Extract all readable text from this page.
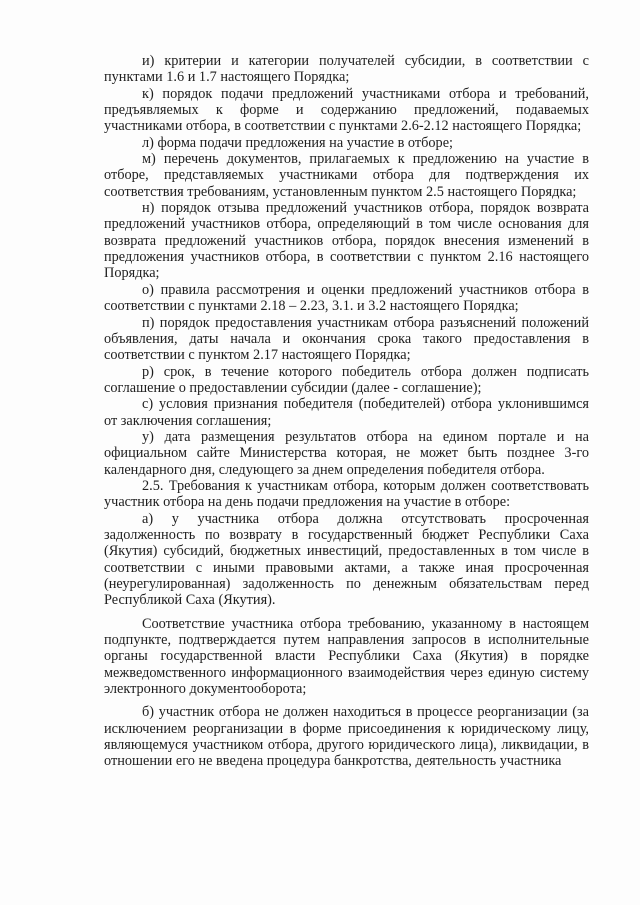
и) критерии и категории получателей субсидии, в соответствии с пунктами 1.6 и 1.7 настоящего Порядка;

к) порядок подачи предложений участниками отбора и требований, предъявляемых к форме и содержанию предложений, подаваемых участниками отбора, в соответствии с пунктами 2.6-2.12 настоящего Порядка;

л) форма подачи предложения на участие в отборе;

м) перечень документов, прилагаемых к предложению на участие в отборе, представляемых участниками отбора для подтверждения их соответствия требованиям, установленным пунктом 2.5 настоящего Порядка;

н) порядок отзыва предложений участников отбора, порядок возврата предложений участников отбора, определяющий в том числе основания для возврата предложений участников отбора, порядок внесения изменений в предложения участников отбора, в соответствии с пунктом 2.16 настоящего Порядка;

о) правила рассмотрения и оценки предложений участников отбора в соответствии с пунктами 2.18 – 2.23, 3.1. и 3.2 настоящего Порядка;

п) порядок предоставления участникам отбора разъяснений положений объявления, даты начала и окончания срока такого предоставления в соответствии с пунктом 2.17 настоящего Порядка;

р) срок, в течение которого победитель отбора должен подписать соглашение о предоставлении субсидии (далее - соглашение);

с) условия признания победителя (победителей) отбора уклонившимся от заключения соглашения;

у) дата размещения результатов отбора на едином портале и на официальном сайте Министерства которая, не может быть позднее 3-го календарного дня, следующего за днем определения победителя отбора.

2.5. Требования к участникам отбора, которым должен соответствовать участник отбора на день подачи предложения на участие в отборе:

а) у участника отбора должна отсутствовать просроченная задолженность по возврату в государственный бюджет Республики Саха (Якутия) субсидий, бюджетных инвестиций, предоставленных в том числе в соответствии с иными правовыми актами, а также иная просроченная (неурегулированная) задолженность по денежным обязательствам перед Республикой Саха (Якутия).

Соответствие участника отбора требованию, указанному в настоящем подпункте, подтверждается путем направления запросов в исполнительные органы государственной власти Республики Саха (Якутия) в порядке межведомственного информационного взаимодействия через единую систему электронного документооборота;

б) участник отбора не должен находиться в процессе реорганизации (за исключением реорганизации в форме присоединения к юридическому лицу, являющемуся участником отбора, другого юридического лица), ликвидации, в отношении его не введена процедура банкротства, деятельность участника
